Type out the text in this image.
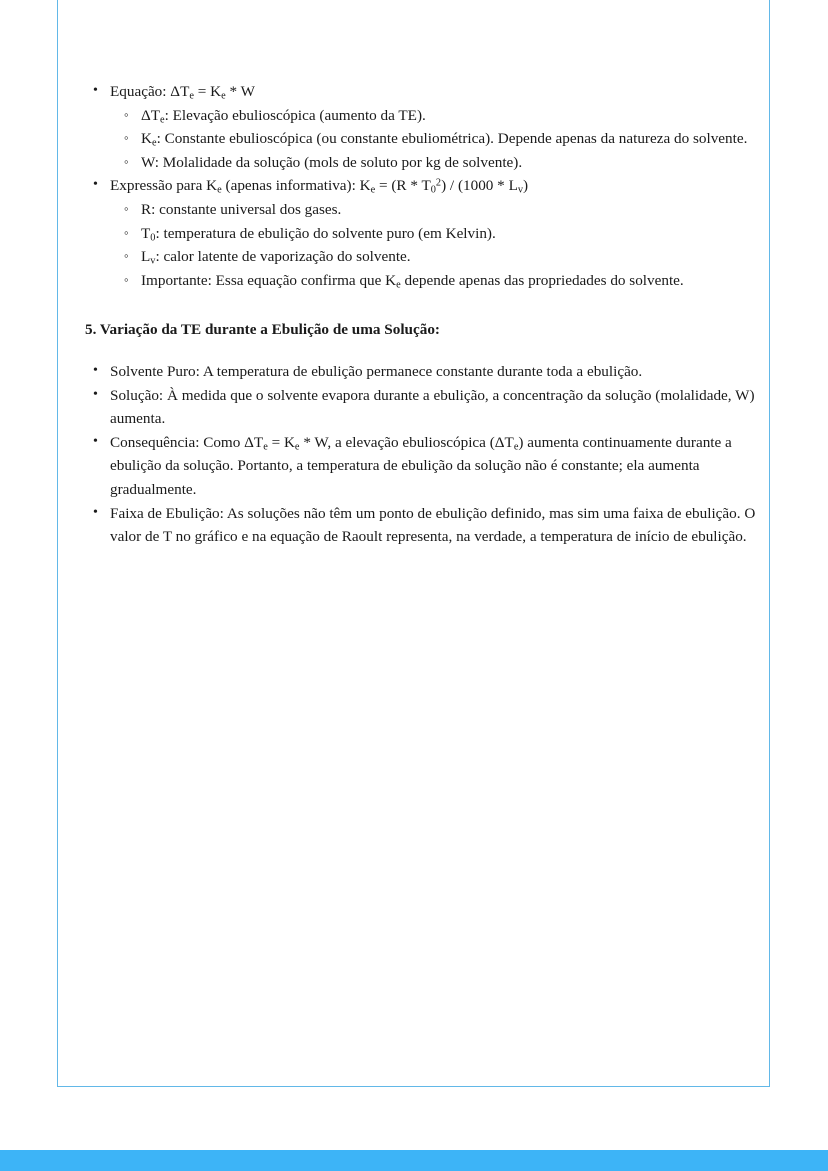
• Equação: $\Delta T_e = K_e * W$
◦ $\Delta T_e$: Elevação ebulioscópica (aumento da TE).
◦ $K_e$: Constante ebulioscópica (ou constante ebuliométrica). Depende apenas da natureza do solvente.
◦ W: Molalidade da solução (mols de soluto por kg de solvente).
• Expressão para $K_e$ (apenas informativa): $K_e = (R * T_0^2) / (1000 * L_v)$
◦ R: constante universal dos gases.
◦ $T_0$: temperatura de ebulição do solvente puro (em Kelvin).
◦ $L_v$: calor latente de vaporização do solvente.
◦ Importante: Essa equação confirma que $K_e$ depende apenas das propriedades do solvente.
5. Variação da TE durante a Ebulição de uma Solução:
• Solvente Puro: A temperatura de ebulição permanece constante durante toda a ebulição.
• Solução: À medida que o solvente evapora durante a ebulição, a concentração da solução (molalidade, W) aumenta.
• Consequência: Como $\Delta T_e = K_e * W$, a elevação ebulioscópica $(\Delta T_e)$ aumenta continuamente durante a ebulição da solução. Portanto, a temperatura de ebulição da solução não é constante; ela aumenta gradualmente.
• Faixa de Ebulição: As soluções não têm um ponto de ebulição definido, mas sim uma faixa de ebulição. O valor de T no gráfico e na equação de Raoult representa, na verdade, a temperatura de início de ebulição.
